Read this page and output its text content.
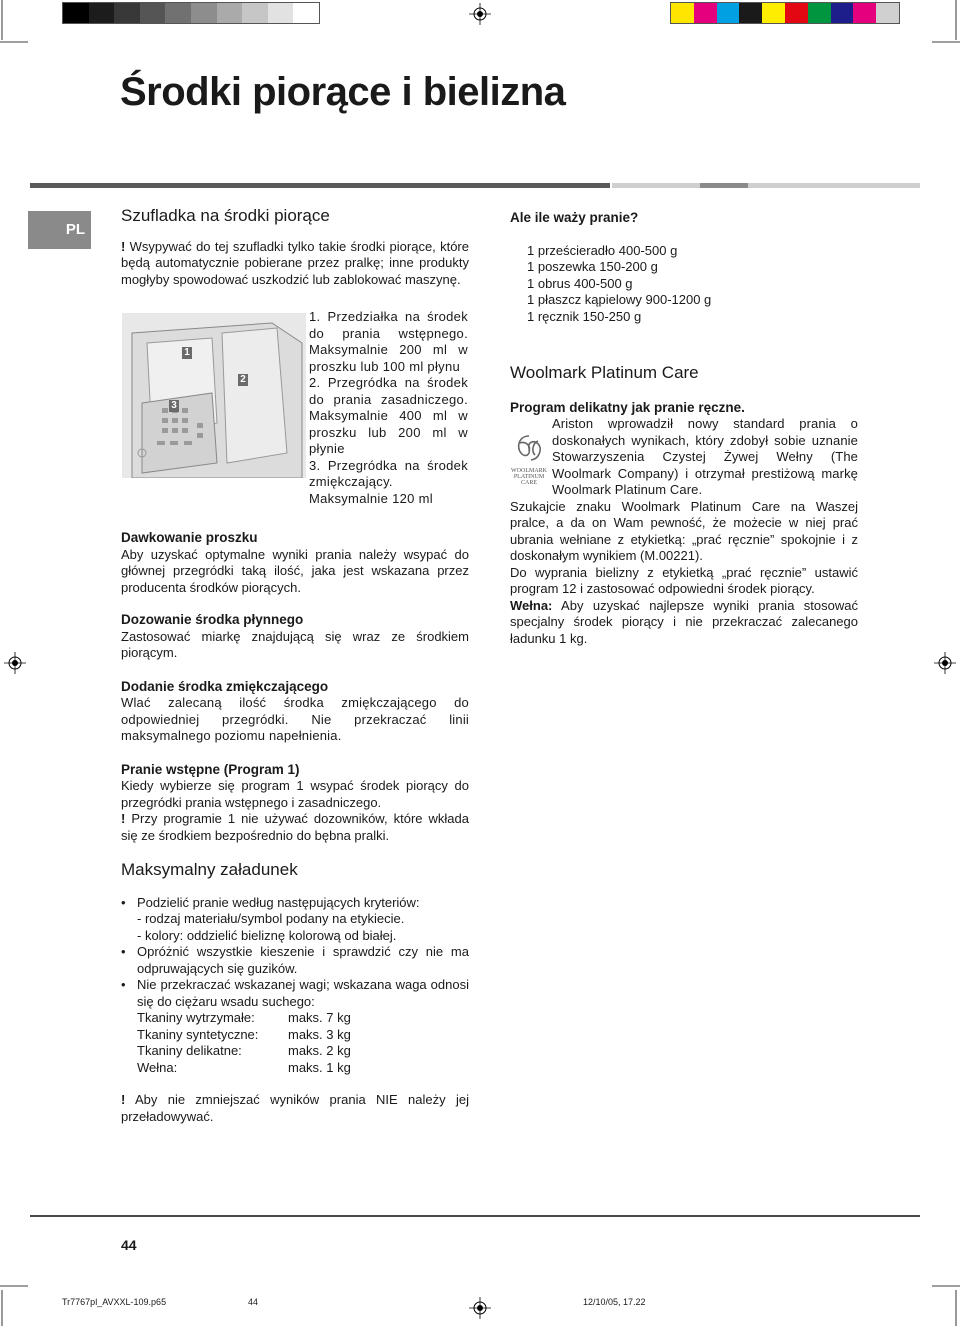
Środki piorące i bielizna
PL

Szufladka na środki piorące

! Wsypywać do tej szufladki tylko takie środki piorące, które będą automatycznie pobierane przez pralkę; inne produkty mogłyby spowodować uszkodzić lub zablokować maszynę.

1
2
3

1. Przedziałka na środek do prania wstępnego. Maksymalnie 200 ml w proszku lub 100 ml płynu

2. Przegródka na środek do prania zasadniczego. Maksymalnie 400 ml w proszku lub 200 ml w płynie

3. Przegródka na środek zmiękczający. Maksymalnie 120 ml

Dawkowanie proszku

Aby uzyskać optymalne wyniki prania należy wsypać do głównej przegródki taką ilość, jaka jest wskazana przez producenta środków piorących.

Dozowanie środka płynnego

Zastosować miarkę znajdującą się wraz ze środkiem piorącym.

Dodanie środka zmiękczającego

Wlać zalecaną ilość środka zmiękczającego do odpowiedniej przegródki. Nie przekraczać linii maksymalnego poziomu napełnienia.

Pranie wstępne (Program 1)

Kiedy wybierze się program 1 wsypać środek piorący do przegródki prania wstępnego i zasadniczego.

! Przy programie 1 nie używać dozowników, które wkłada się ze środkiem bezpośrednio do bębna pralki.

Maksymalny załadunek

• Podzielić pranie według następujących kryteriów:

- rodzaj materiału/symbol podany na etykiecie.

- kolory: oddzielić bieliznę kolorową od białej.

• Opróżnić wszystkie kieszenie i sprawdzić czy nie ma odpruwających się guzików.

• Nie przekraczać wskazanej wagi; wskazana waga odnosi się do ciężaru wsadu suchego:

Tkaniny wytrzymałe:	maks. 7 kg
Tkaniny syntetyczne:	maks. 3 kg
Tkaniny delikatne:	maks. 2 kg
Wełna:	maks. 1 kg

! Aby nie zmniejszać wyników prania NIE należy jej przeładowywać.

Ale ile waży pranie?

1 prześcieradło 400-500 g

1 poszewka 150-200 g

1 obrus 400-500 g

1 płaszcz kąpielowy 900-1200 g

1 ręcznik 150-250 g

Woolmark Platinum Care

Program delikatny jak pranie ręczne.

Ariston wprowadził nowy standard prania o doskonałych wynikach, który zdobył sobie uznanie Stowarzyszenia Czystej Żywej Wełny (The Woolmark Company) i otrzymał prestiżową markę Woolmark Platinum Care.

Szukajcie znaku Woolmark Platinum Care na Waszej pralce, a da on Wam pewność, że możecie w niej prać ubrania wełniane z etykietką: „prać ręcznie” spokojnie i z doskonałym wynikiem (M.00221).

Do wyprania bielizny z etykietką „prać ręcznie” ustawić program 12 i zastosować odpowiedni środek piorący.

Wełna: Aby uzyskać najlepsze wyniki prania stosować specjalny środek piorący i nie przekraczać zalecanego ładunku 1 kg.

WOOLMARK
PLATINUM
CARE
44
Tr7767pl_AVXXL-109.p65	44	12/10/05, 17.22
